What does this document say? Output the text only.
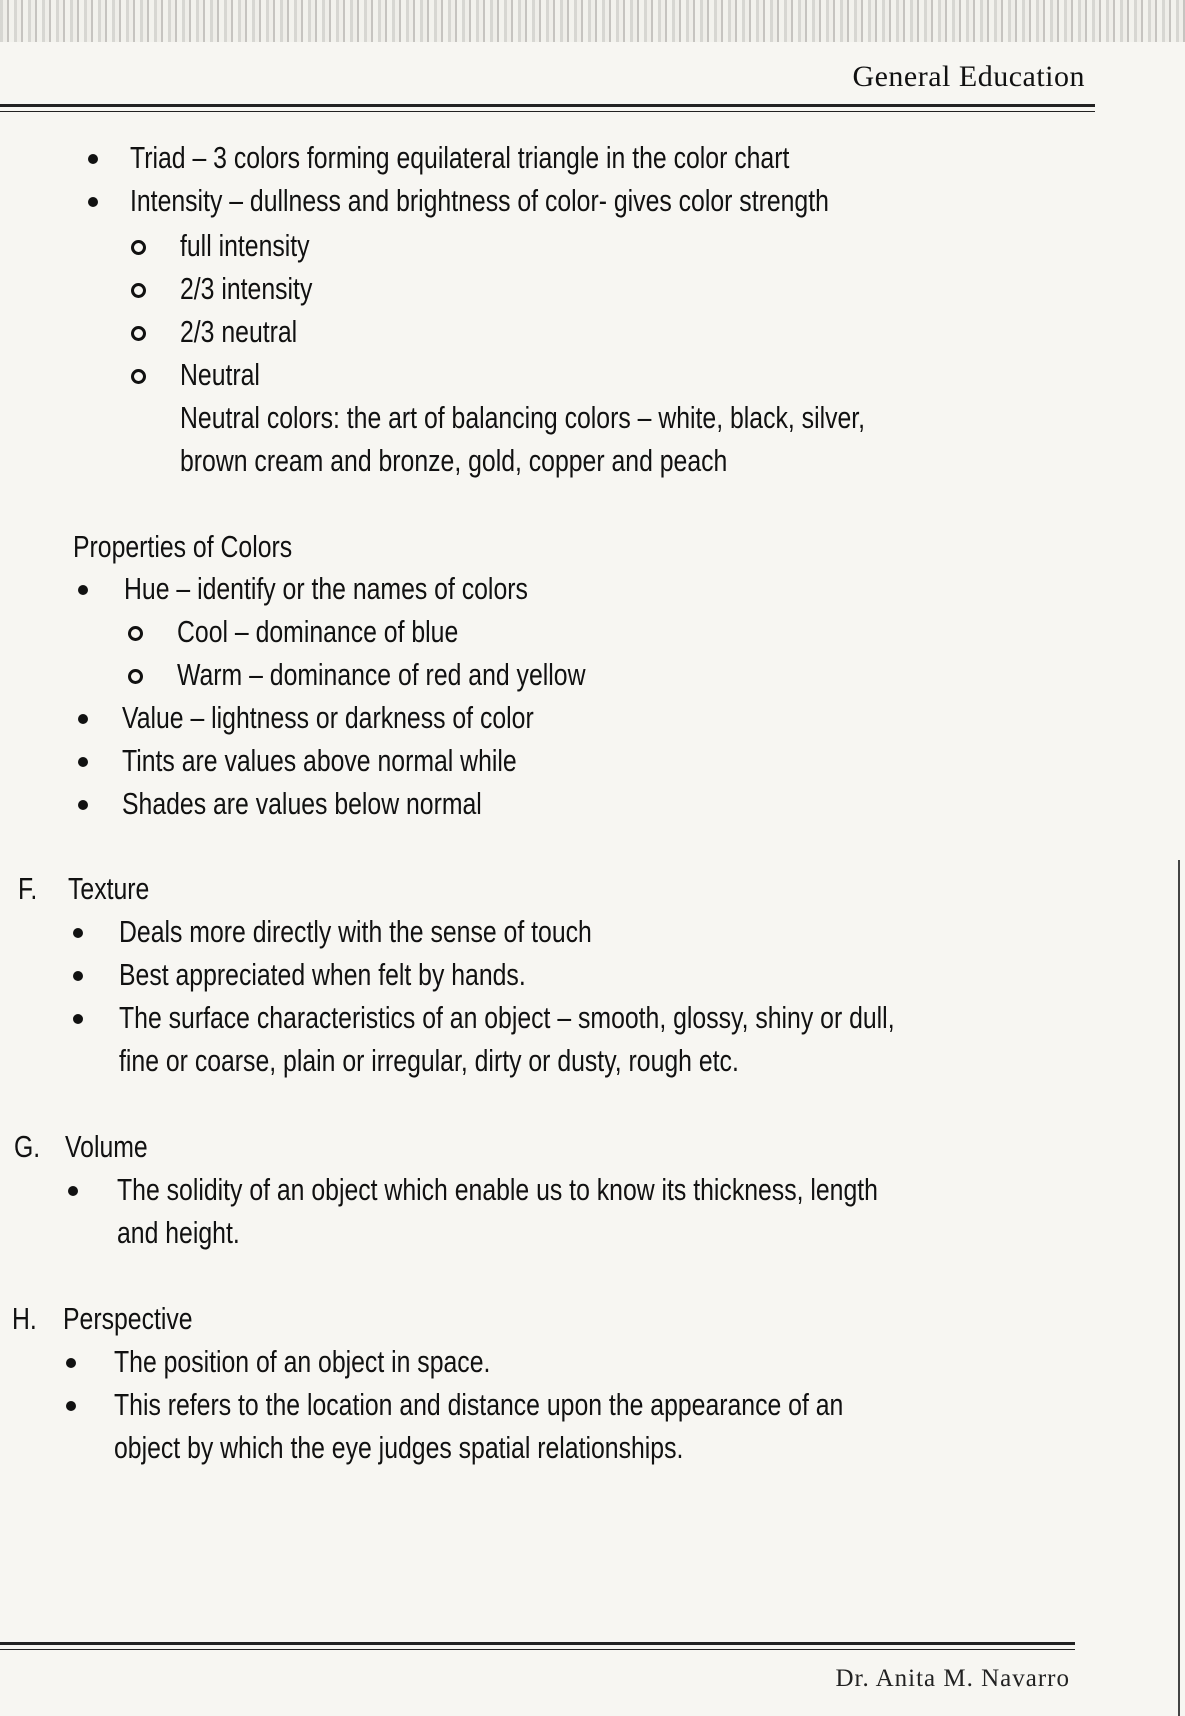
General Education
Triad – 3 colors forming equilateral triangle in the color chart
Intensity – dullness and brightness of color- gives color strength
full intensity
2/3 intensity
2/3 neutral
Neutral
Neutral colors: the art of balancing colors – white, black, silver,
brown cream and bronze, gold, copper and peach
Properties of Colors
Hue – identify or the names of colors
Cool – dominance of blue
Warm – dominance of red and yellow
Value – lightness or darkness of color
Tints are values above normal while
Shades are values below normal
F. Texture
Deals more directly with the sense of touch
Best appreciated when felt by hands.
The surface characteristics of an object – smooth, glossy, shiny or dull,
fine or coarse, plain or irregular, dirty or dusty, rough etc.
G. Volume
The solidity of an object which enable us to know its thickness, length
and height.
H. Perspective
The position of an object in space.
This refers to the location and distance upon the appearance of an
object by which the eye judges spatial relationships.
Dr. Anita M. Navarro
